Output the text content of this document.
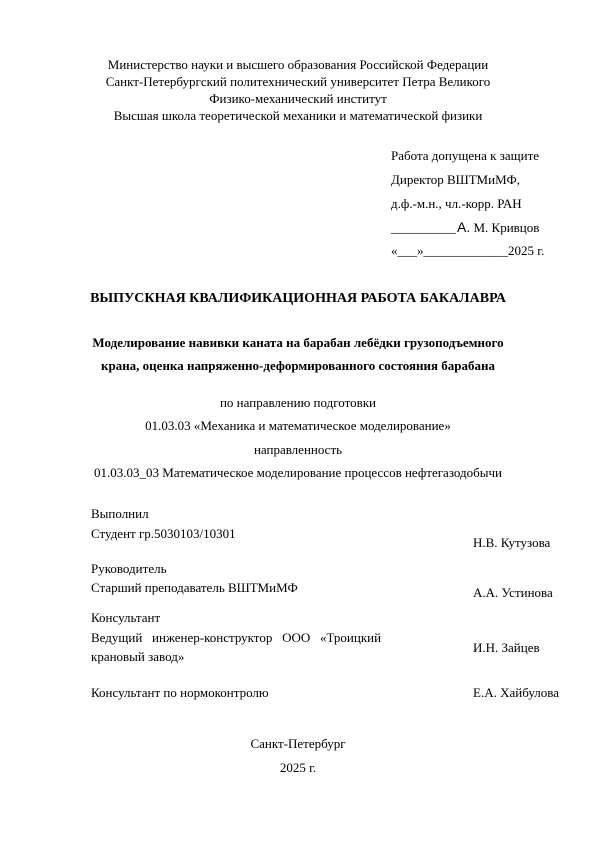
Министерство науки и высшего образования Российской Федерации
Санкт-Петербургский политехнический университет Петра Великого
Физико-механический институт
Высшая школа теоретической механики и математической физики
Работа допущена к защите
Директор ВШТМиМФ,
д.ф.-м.н., чл.-корр. РАН
__________А. М. Кривцов
«___»_____________2025 г.
ВЫПУСКНАЯ КВАЛИФИКАЦИОННАЯ РАБОТА БАКАЛАВРА
Моделирование навивки каната на барабан лебёдки грузоподъемного
крана, оценка напряженно-деформированного состояния барабана
по направлению подготовки
01.03.03 «Механика и математическое моделирование»
направленность
01.03.03_03 Математическое моделирование процессов нефтегазодобычи
Выполнил
Студент гр.5030103/10301
Н.В. Кутузова
Руководитель
Старший преподаватель ВШТМиМФ	А.А. Устинова
Консультант
Ведущий   инженер-конструктор   ООО   «Троицкий
крановый завод»
И.Н. Зайцев
Консультант по нормоконтролю	Е.А. Хайбулова
Санкт-Петербург
2025 г.
